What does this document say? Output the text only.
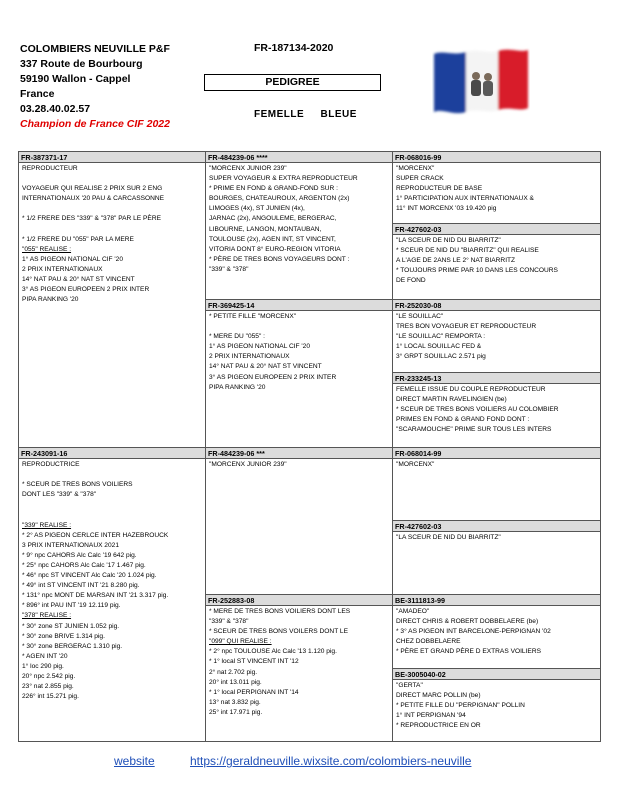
COLOMBIERS NEUVILLE P&F
337 Route de Bourbourg
59190 Wallon - Cappel
France
03.28.40.02.57
Champion de France CIF 2022
FR-187134-2020
PEDIGREE
FEMELLE     BLEUE
FR-387371-17
REPRODUCTEUR

VOYAGEUR QUI REALISE 2 PRIX SUR 2 ENG
INTERNATIONAUX '20 PAU & CARCASSONNE

* 1/2 FRERE DES "339" & "378" PAR LE PÈRE

* 1/2 FRERE DU "055" PAR LA MERE
"055" REALISE :
1° AS PIGEON NATIONAL CIF '20
2 PRIX INTERNATIONAUX
14° NAT PAU & 20° NAT ST VINCENT
3° AS PIGEON EUROPEEN 2 PRIX INTER
PIPA RANKING '20
FR-243091-16
REPRODUCTRICE

* SCEUR DE TRES BONS VOILIERS
DONT LES "339" & "378"

"339" REALISE :
* 2° AS PIGEON CERLCE INTER HAZEBROUCK
3 PRIX INTERNATIONAUX 2021
* 9° npc CAHORS Alc Calc '19 642 pig.
* 25° npc CAHORS Alc Calc '17 1.467 pig.
* 46° npc ST VINCENT Alc Calc '20 1.024 pig.
* 49° int ST VINCENT INT '21 8.280 pig.
* 131° npc MONT DE MARSAN INT '21 3.317 pig.
* 896° int PAU INT '19 12.119 pig.
"378" REALISE :
* 30° zone ST JUNIEN 1.052 pig.
* 30° zone BRIVE 1.314 pig.
* 30° zone BERGERAC 1.310 pig.
* AGEN INT '20
1° loc 290 pig.
20° npc 2.542 pig.
23° nat 2.855 pig.
226° int 15.271 pig.
FR-484239-06 ****
"MORCENX JUNIOR 239"
SUPER VOYAGEUR & EXTRA REPRODUCTEUR
* PRIME EN FOND & GRAND-FOND SUR :
BOURGES, CHATEAUROUX, ARGENTON (2x)
LIMOGES (4x), ST JUNIEN (4x),
JARNAC (2x), ANGOULEME, BERGERAC,
LIBOURNE, LANGON, MONTAUBAN,
TOULOUSE (2x), AGEN INT, ST VINCENT,
VITORIA DONT 8° EURO-REGION VITORIA
* PÈRE DE TRES BONS VOYAGEURS DONT :
"339" & "378"
FR-369425-14
* PETITE FILLE "MORCENX"

* MERE DU "055" :
1° AS PIGEON NATIONAL CIF '20
2 PRIX INTERNATIONAUX
14° NAT PAU & 20° NAT ST VINCENT
3° AS PIGEON EUROPEEN 2 PRIX INTER
PIPA RANKING '20
FR-484239-06 ***
"MORCENX JUNIOR 239"
FR-252883-08
* MERE DE TRES BONS VOILIERS DONT LES
"339" & "378"
* SCEUR DE TRES BONS VOILERS DONT LE
"099" QUI REALISE :
* 2° npc TOULOUSE Alc Calc '13 1.120 pig.
* 1° local ST VINCENT INT '12
2° nat 2.702 pig.
20° int 13.011 pig.
* 1° local PERPIGNAN INT '14
13° nat 3.832 pig.
25° int 17.971 pig.
FR-068016-99
"MORCENX"
SUPER CRACK
REPRODUCTEUR DE BASE
1° PARTICIPATION AUX INTERNATIONAUX &
11° INT MORCENX '03 19.420 pig
FR-427602-03
"LA SCEUR DE NID DU BIARRITZ"
* SCEUR DE NID DU "BIARRITZ" QUI REALISE
A L'AGE DE 2ANS LE 2° NAT BIARRITZ
* TOUJOURS PRIME PAR 10 DANS LES CONCOURS
DE FOND
FR-252030-08
"LE SOUILLAC"
TRES BON VOYAGEUR ET REPRODUCTEUR
"LE SOUILLAC" REMPORTA :
1° LOCAL SOUILLAC FED &
3° GRPT SOUILLAC 2.571 pig
FR-233245-13
FEMELLE ISSUE DU COUPLE REPRODUCTEUR
DIRECT MARTIN RAVELINGIEN (be)
* SCEUR DE TRES BONS VOILIERS AU COLOMBIER
PRIMES EN FOND & GRAND FOND DONT :
"SCARAMOUCHE" PRIME SUR TOUS LES INTERS
FR-068014-99
"MORCENX"
FR-427602-03
"LA SCEUR DE NID DU BIARRITZ"
BE-3111813-99
"AMADEO"
DIRECT CHRIS & ROBERT DOBBELAERE (be)
* 3° AS PIGEON INT BARCELONE-PERPIGNAN '02
CHEZ DOBBELAERE
* PÈRE ET GRAND PÈRE D EXTRAS VOILIERS
BE-3005040-02
"GERTA"
DIRECT MARC POLLIN (be)
* PETITE FILLE DU "PERPIGNAN" POLLIN
1° INT PERPIGNAN '94
* REPRODUCTRICE EN OR
website	https://geraldneuville.wixsite.com/colombiers-neuville
